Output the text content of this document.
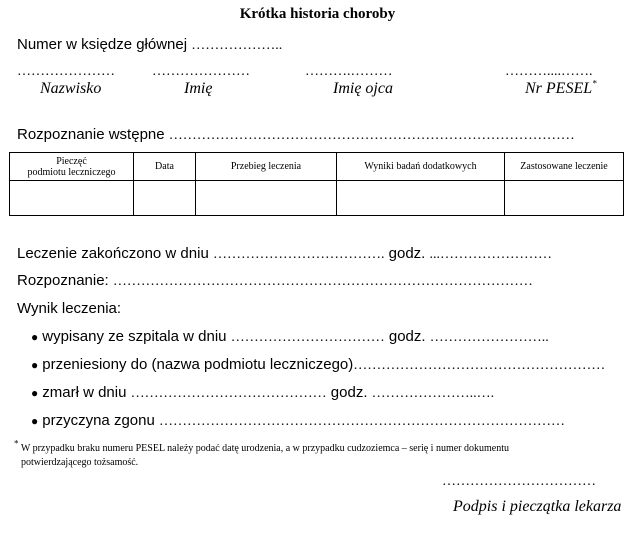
Krótka historia choroby
Numer w księdze głównej ………………..
…………………	…………………	……….………	………....…….
Nazwisko	Imię	Imię ojca	Nr PESEL*
Rozpoznanie wstępne ……………………………………………………………………………
Pieczęć
podmiotu leczniczego	Data	Przebieg leczenia	Wyniki badań dodatkowych	Zastosowane leczenie

Leczenie zakończono w dniu ………………………………. godz. ...……………………
Rozpoznanie: ………………………………………………………………………………
Wynik leczenia:
● wypisany ze szpitala w dniu …………………………… godz. ……………………..
● przeniesiony do (nazwa podmiotu leczniczego)………………………………………………
● zmarł w dniu …………………………………… godz. …………………..….
● przyczyna zgonu ……………………………………………………………………………
* W przypadku braku numeru PESEL należy podać datę urodzenia, a w przypadku cudzoziemca – serię i numer dokumentu
potwierdzającego tożsamość.
……………………………
Podpis i pieczątka lekarza
